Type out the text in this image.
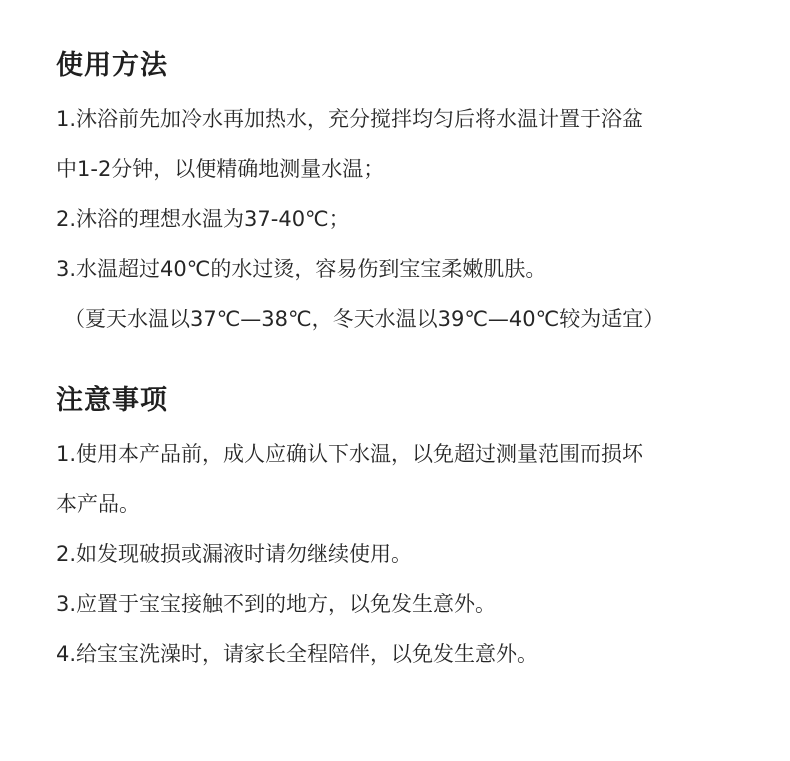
使用方法
1.沐浴前先加冷水再加热水，充分搅拌均匀后将水温计置于浴盆
中1-2分钟，以便精确地测量水温；
2.沐浴的理想水温为37-40℃；
3.水温超过40℃的水过烫，容易伤到宝宝柔嫩肌肤。
（夏天水温以37℃—38℃，冬天水温以39℃—40℃较为适宜）
注意事项
1.使用本产品前，成人应确认下水温，以免超过测量范围而损坏
本产品。
2.如发现破损或漏液时请勿继续使用。
3.应置于宝宝接触不到的地方，以免发生意外。
4.给宝宝洗澡时，请家长全程陪伴，以免发生意外。
